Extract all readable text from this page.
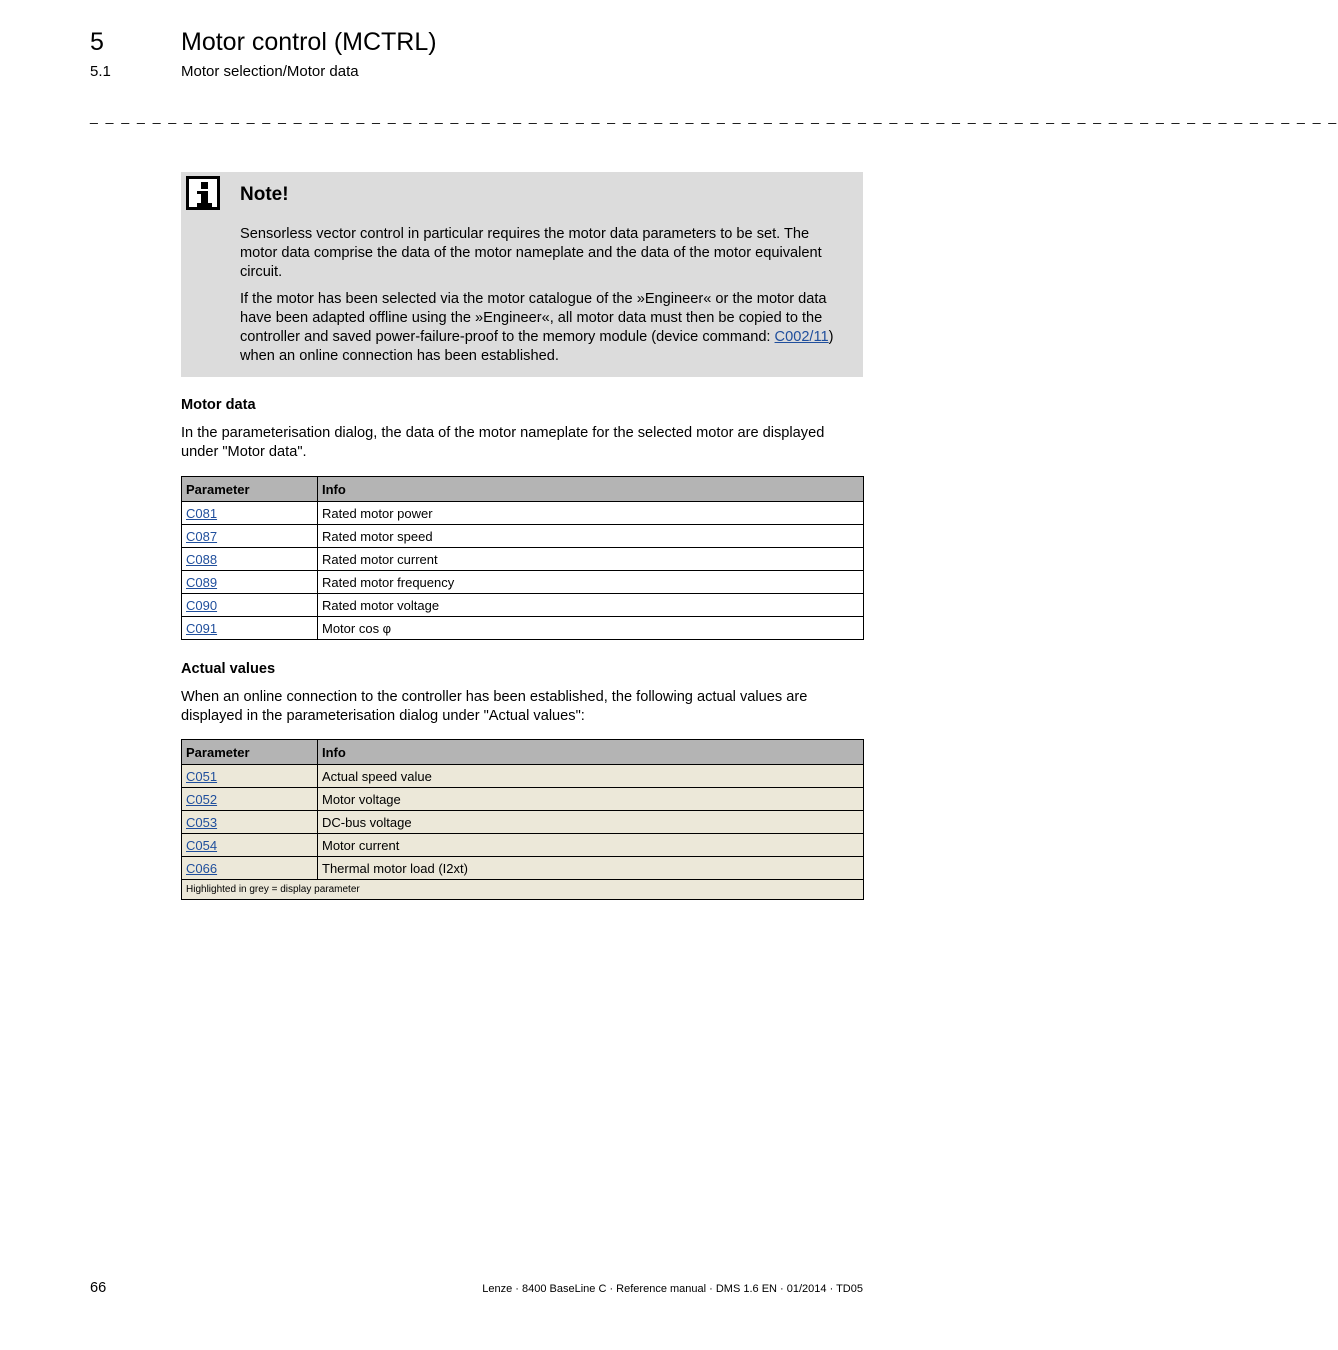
5	Motor control (MCTRL)
5.1	Motor selection/Motor data
_ _ _ _ _ _ _ _ _ _ _ _ _ _ _ _ _ _ _ _ _ _ _ _ _ _ _ _ _ _ _ _ _ _ _ _ _ _ _ _ _ _ _ _ _ _ _ _ _ _ _ _ _ _ _ _ _ _ _ _ _ _ _ _ _ _ _ _ _ _ _ _ _ _ _ _ _ _ _ _
Note!
Sensorless vector control in particular requires the motor data parameters to be set. The motor data comprise the data of the motor nameplate and the data of the motor equivalent circuit.
If the motor has been selected via the motor catalogue of the »Engineer« or the motor data have been adapted offline using the »Engineer«, all motor data must then be copied to the controller and saved power-failure-proof to the memory module (device command: C002/11) when an online connection has been established.
Motor data
In the parameterisation dialog, the data of the motor nameplate for the selected motor are displayed under "Motor data".
Parameter	Info
C081	Rated motor power
C087	Rated motor speed
C088	Rated motor current
C089	Rated motor frequency
C090	Rated motor voltage
C091	Motor cos φ
Actual values
When an online connection to the controller has been established, the following actual values are displayed in the parameterisation dialog under "Actual values":
Parameter	Info
C051	Actual speed value
C052	Motor voltage
C053	DC-bus voltage
C054	Motor current
C066	Thermal motor load (I2xt)
Highlighted in grey = display parameter	
66	Lenze · 8400 BaseLine C · Reference manual · DMS 1.6 EN · 01/2014 · TD05
